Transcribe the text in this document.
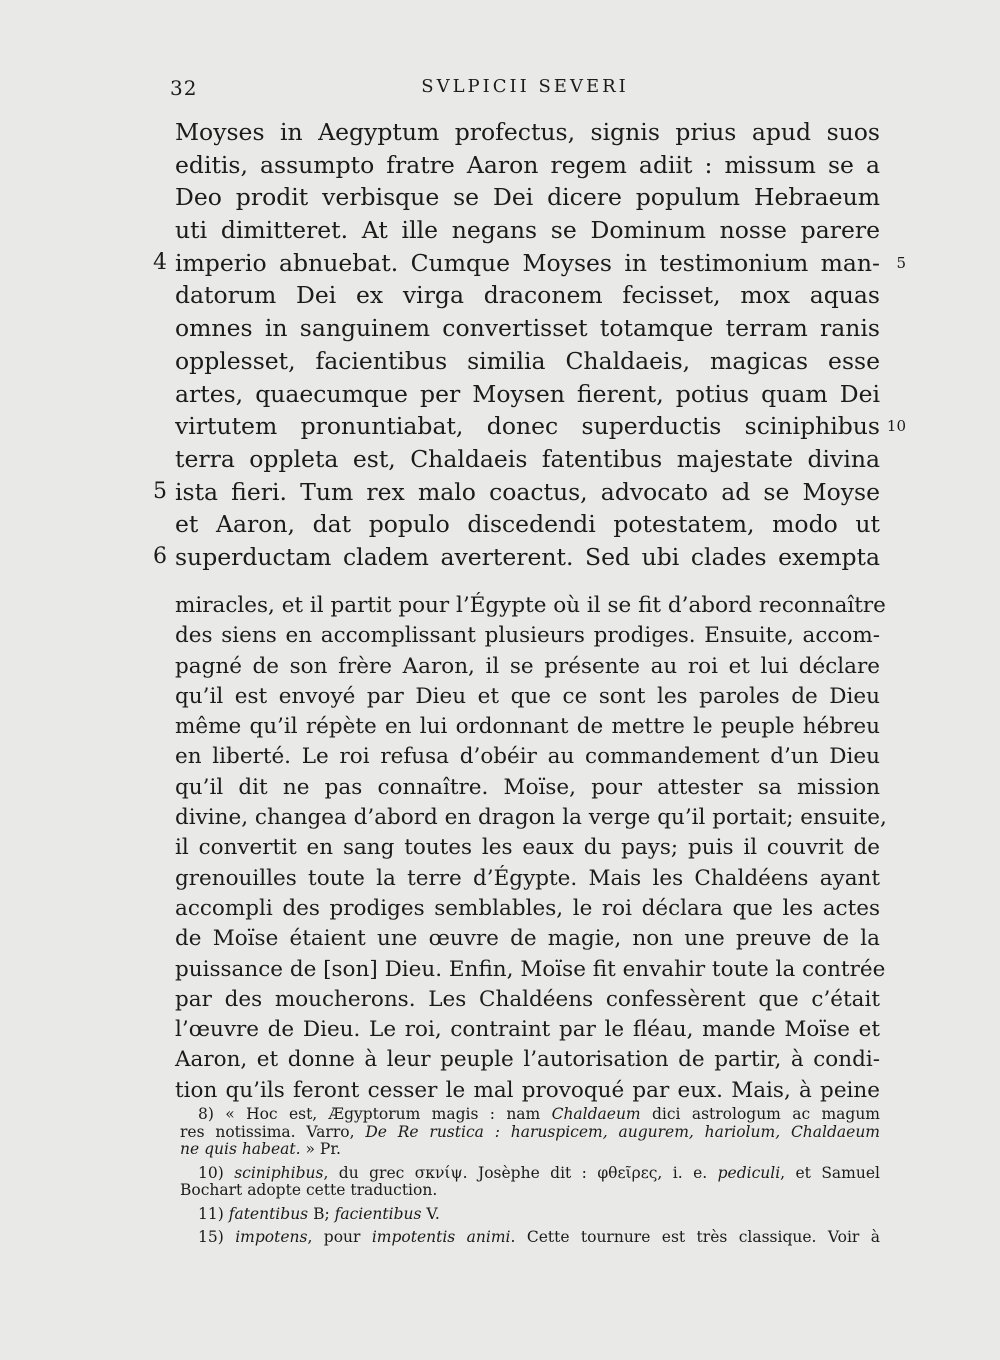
32	SVLPICII SEVERI
Moyses in Aegyptum profectus, signis prius apud suos
editis, assumpto fratre Aaron regem adiit : missum se a
Deo prodit verbisque se Dei dicere populum Hebraeum
uti dimitteret. At ille negans se Dominum nosse parere
4 imperio abnuebat. Cumque Moyses in testimonium man- 5
datorum Dei ex virga draconem fecisset, mox aquas
omnes in sanguinem convertisset totamque terram ranis
opplesset, facientibus similia Chaldaeis, magicas esse
artes, quaecumque per Moysen fierent, potius quam Dei
virtutem pronuntiabat, donec superductis sciniphibus 10
terra oppleta est, Chaldaeis fatentibus majestate divina
5 ista fieri. Tum rex malo coactus, advocato ad se Moyse
et Aaron, dat populo discedendi potestatem, modo ut
6 superductam cladem averterent. Sed ubi clades exempta
miracles, et il partit pour l’Égypte où il se fit d’abord reconnaître
des siens en accomplissant plusieurs prodiges. Ensuite, accom-
pagné de son frère Aaron, il se présente au roi et lui déclare
qu’il est envoyé par Dieu et que ce sont les paroles de Dieu
même qu’il répète en lui ordonnant de mettre le peuple hébreu
en liberté. Le roi refusa d’obéir au commandement d’un Dieu
qu’il dit ne pas connaître. Moïse, pour attester sa mission
divine, changea d’abord en dragon la verge qu’il portait; ensuite,
il convertit en sang toutes les eaux du pays; puis il couvrit de
grenouilles toute la terre d’Égypte. Mais les Chaldéens ayant
accompli des prodiges semblables, le roi déclara que les actes
de Moïse étaient une œuvre de magie, non une preuve de la
puissance de [son] Dieu. Enfin, Moïse fit envahir toute la contrée
par des moucherons. Les Chaldéens confessèrent que c’était
l’œuvre de Dieu. Le roi, contraint par le fléau, mande Moïse et
Aaron, et donne à leur peuple l’autorisation de partir, à condi-
tion qu’ils feront cesser le mal provoqué par eux. Mais, à peine
8) « Hoc est, Ægyptorum magis : nam Chaldaeum dici astrologum ac magum
res notissima. Varro, De Re rustica : haruspicem, augurem, hariolum, Chaldaeum
ne quis habeat. » Pr.
10) sciniphibus, du grec σκνίψ. Josèphe dit : φθεῖρες, i. e. pediculi, et Samuel
Bochart adopte cette traduction.
11) fatentibus B; facientibus V.
15) impotens, pour impotentis animi. Cette tournure est très classique. Voir à
